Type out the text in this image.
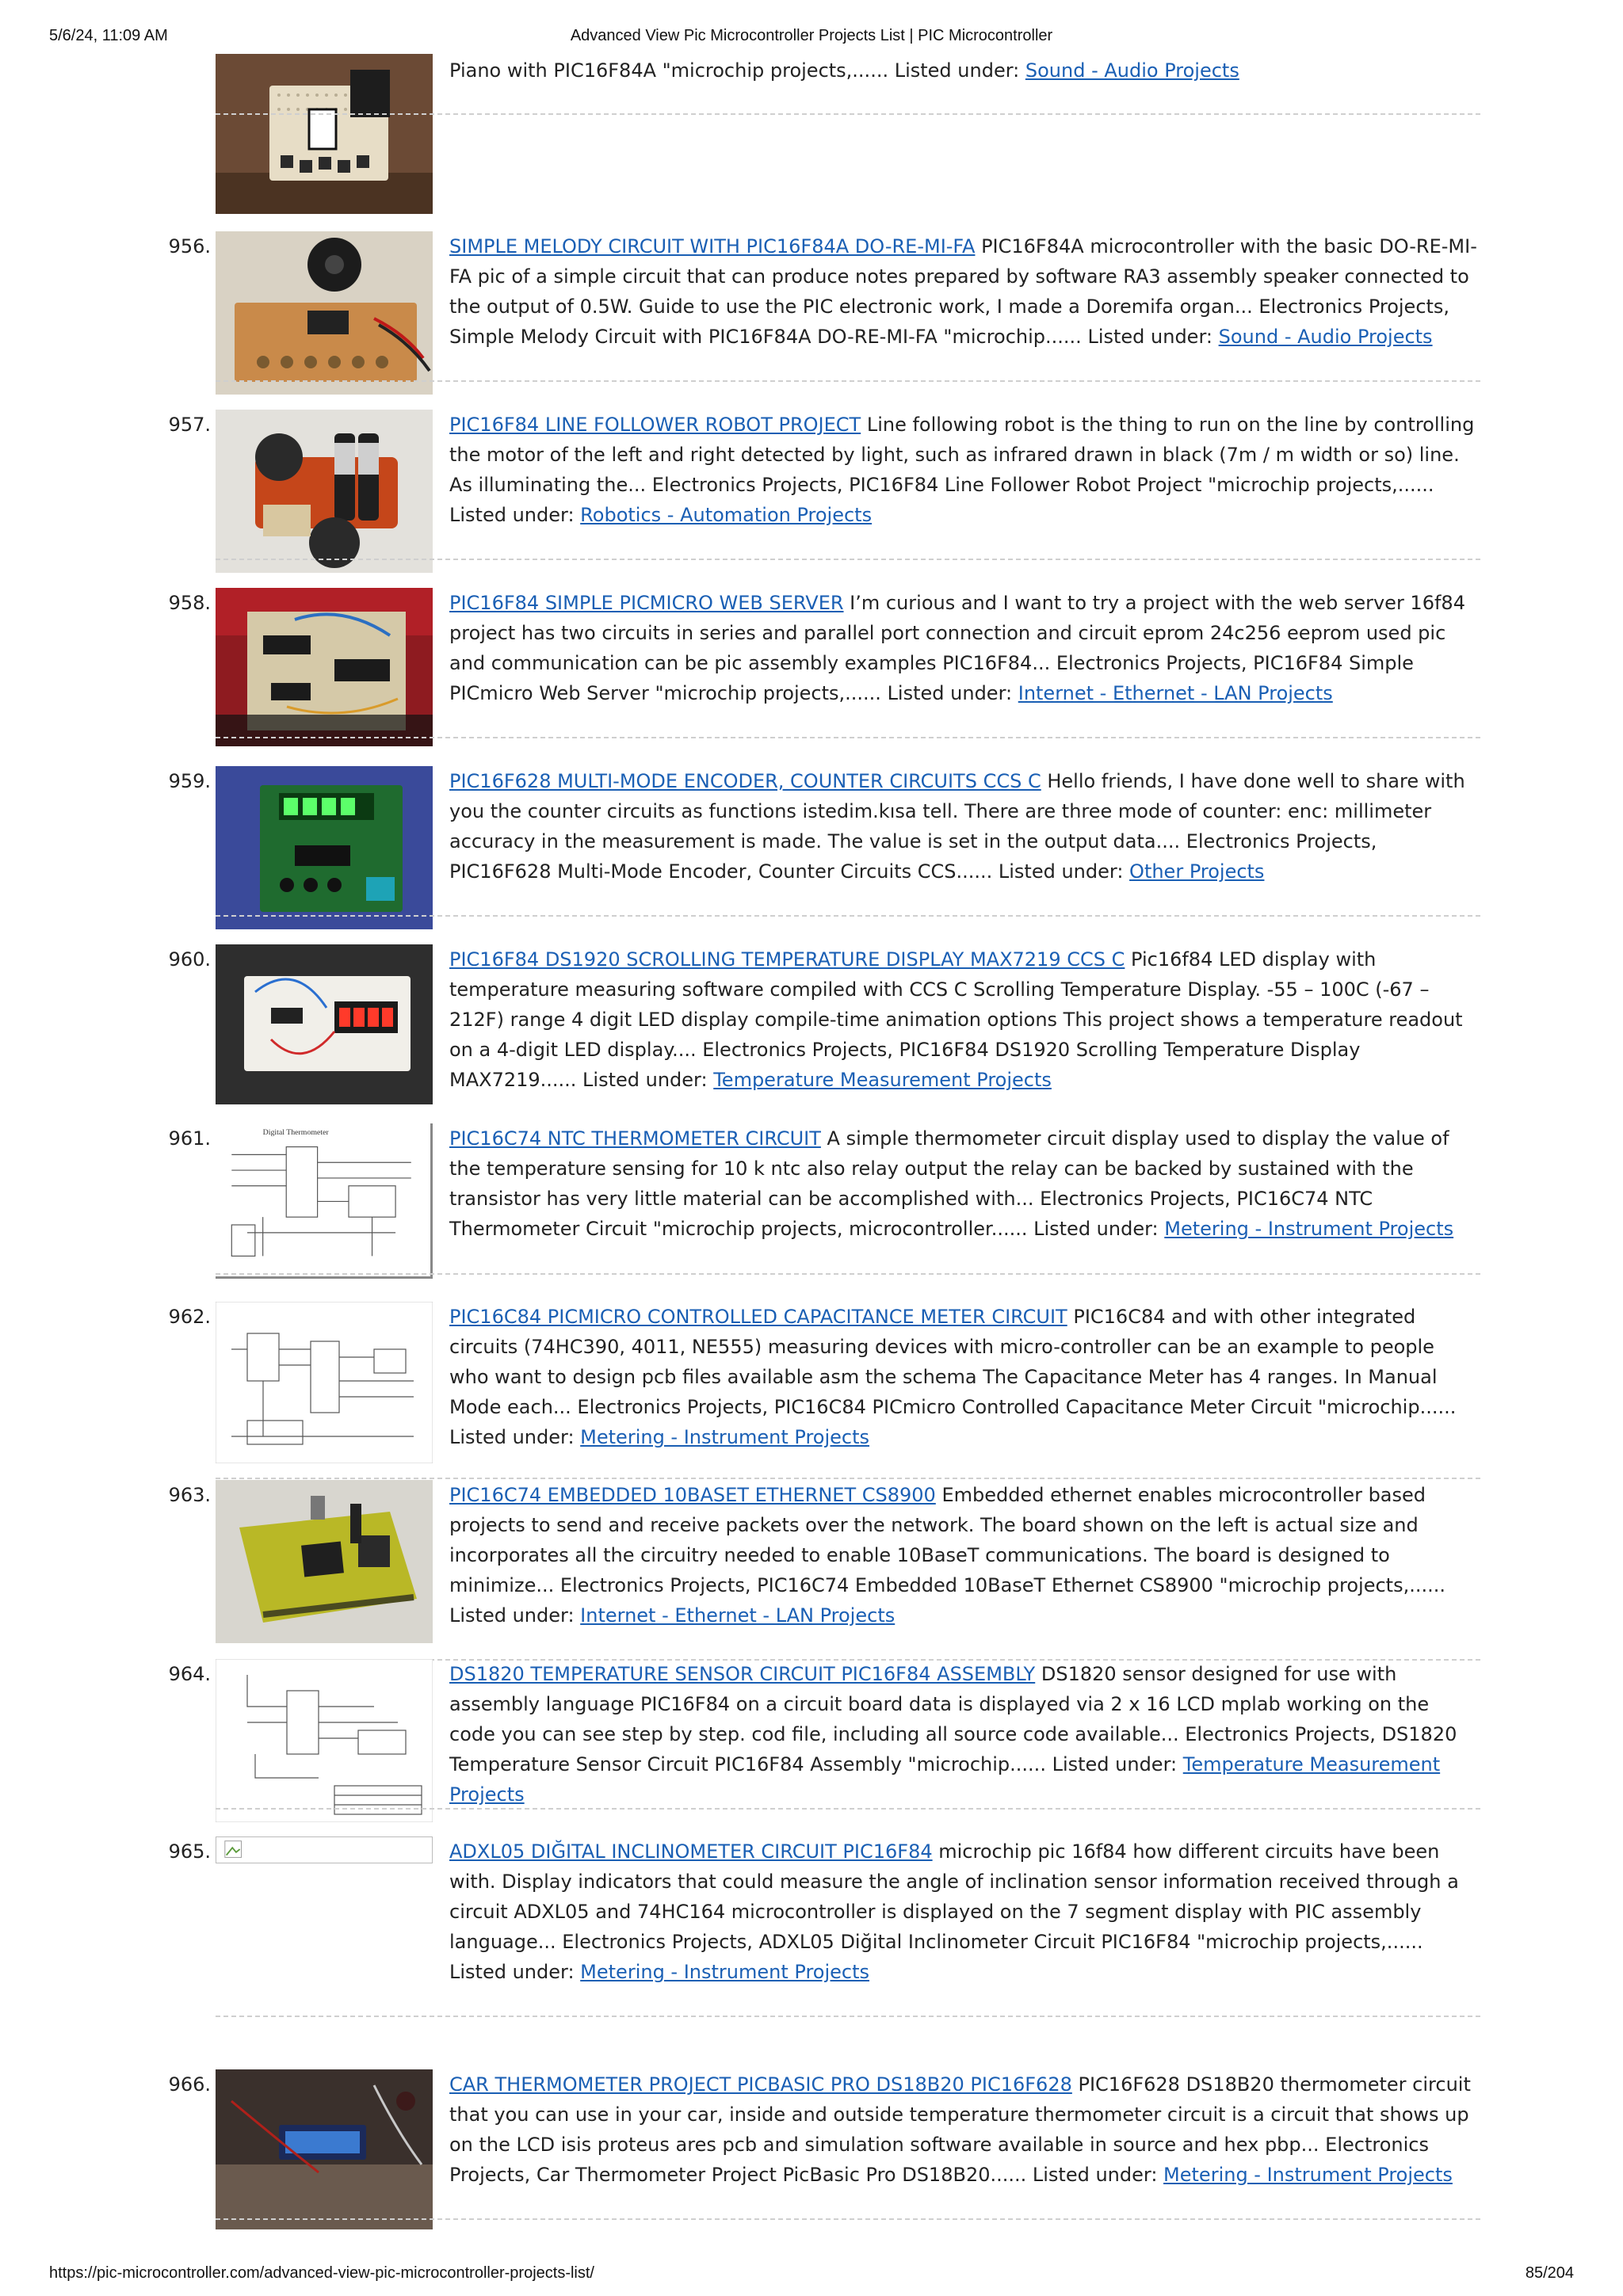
5/6/24, 11:09 AM	Advanced View Pic Microcontroller Projects List | PIC Microcontroller
Piano with PIC16F84A "microchip projects,...... Listed under: Sound - Audio Projects
956.	SIMPLE MELODY CIRCUIT WITH PIC16F84A DO-RE-MI-FA PIC16F84A microcontroller with the basic DO-RE-MI-FA pic of a simple circuit that can produce notes prepared by software RA3 assembly speaker connected to the output of 0.5W. Guide to use the PIC electronic work, I made a Doremifa organ... Electronics Projects, Simple Melody Circuit with PIC16F84A DO-RE-MI-FA "microchip...... Listed under: Sound - Audio Projects
957.	PIC16F84 LINE FOLLOWER ROBOT PROJECT Line following robot is the thing to run on the line by controlling the motor of the left and right detected by light, such as infrared drawn in black (7m / m width or so) line. As illuminating the... Electronics Projects, PIC16F84 Line Follower Robot Project "microchip projects,...... Listed under: Robotics - Automation Projects
958.	PIC16F84 SIMPLE PICMICRO WEB SERVER I’m curious and I want to try a project with the web server 16f84 project has two circuits in series and parallel port connection and circuit eprom 24c256 eeprom used pic and communication can be pic assembly examples PIC16F84... Electronics Projects, PIC16F84 Simple PICmicro Web Server "microchip projects,...... Listed under: Internet - Ethernet - LAN Projects
959.	PIC16F628 MULTI-MODE ENCODER, COUNTER CIRCUITS CCS C Hello friends, I have done well to share with you the counter circuits as functions istedim.kısa tell. There are three mode of counter: enc: millimeter accuracy in the measurement is made. The value is set in the output data.... Electronics Projects, PIC16F628 Multi-Mode Encoder, Counter Circuits CCS...... Listed under: Other Projects
960.	PIC16F84 DS1920 SCROLLING TEMPERATURE DISPLAY MAX7219 CCS C Pic16f84 LED display with temperature measuring software compiled with CCS C Scrolling Temperature Display. -55 – 100C (-67 – 212F) range 4 digit LED display compile-time animation options This project shows a temperature readout on a 4-digit LED display.... Electronics Projects, PIC16F84 DS1920 Scrolling Temperature Display MAX7219...... Listed under: Temperature Measurement Projects
961.	Digital Thermometer	PIC16C74 NTC THERMOMETER CIRCUIT A simple thermometer circuit display used to display the value of the temperature sensing for 10 k ntc also relay output the relay can be backed by sustained with the transistor has very little material can be accomplished with... Electronics Projects, PIC16C74 NTC Thermometer Circuit "microchip projects, microcontroller...... Listed under: Metering - Instrument Projects
962.	PIC16C84 PICMICRO CONTROLLED CAPACITANCE METER CIRCUIT PIC16C84 and with other integrated circuits (74HC390, 4011, NE555) measuring devices with micro-controller can be an example to people who want to design pcb files available asm the schema The Capacitance Meter has 4 ranges. In Manual Mode each... Electronics Projects, PIC16C84 PICmicro Controlled Capacitance Meter Circuit "microchip...... Listed under: Metering - Instrument Projects
963.	PIC16C74 EMBEDDED 10BASET ETHERNET CS8900 Embedded ethernet enables microcontroller based projects to send and receive packets over the network. The board shown on the left is actual size and incorporates all the circuitry needed to enable 10BaseT communications. The board is designed to minimize... Electronics Projects, PIC16C74 Embedded 10BaseT Ethernet CS8900 "microchip projects,...... Listed under: Internet - Ethernet - LAN Projects
964.	DS1820 TEMPERATURE SENSOR CIRCUIT PIC16F84 ASSEMBLY DS1820 sensor designed for use with assembly language PIC16F84 on a circuit board data is displayed via 2 x 16 LCD mplab working on the code you can see step by step. cod file, including all source code available... Electronics Projects, DS1820 Temperature Sensor Circuit PIC16F84 Assembly "microchip...... Listed under: Temperature Measurement Projects
965.	ADXL05 DIĞITAL INCLINOMETER CIRCUIT PIC16F84 microchip pic 16f84 how different circuits have been with. Display indicators that could measure the angle of inclination sensor information received through a circuit ADXL05 and 74HC164 microcontroller is displayed on the 7 segment display with PIC assembly language... Electronics Projects, ADXL05 Diğital Inclinometer Circuit PIC16F84 "microchip projects,...... Listed under: Metering - Instrument Projects
966.	CAR THERMOMETER PROJECT PICBASIC PRO DS18B20 PIC16F628 PIC16F628 DS18B20 thermometer circuit that you can use in your car, inside and outside temperature thermometer circuit is a circuit that shows up on the LCD isis proteus ares pcb and simulation software available in source and hex pbp... Electronics Projects, Car Thermometer Project PicBasic Pro DS18B20...... Listed under: Metering - Instrument Projects
https://pic-microcontroller.com/advanced-view-pic-microcontroller-projects-list/	85/204
